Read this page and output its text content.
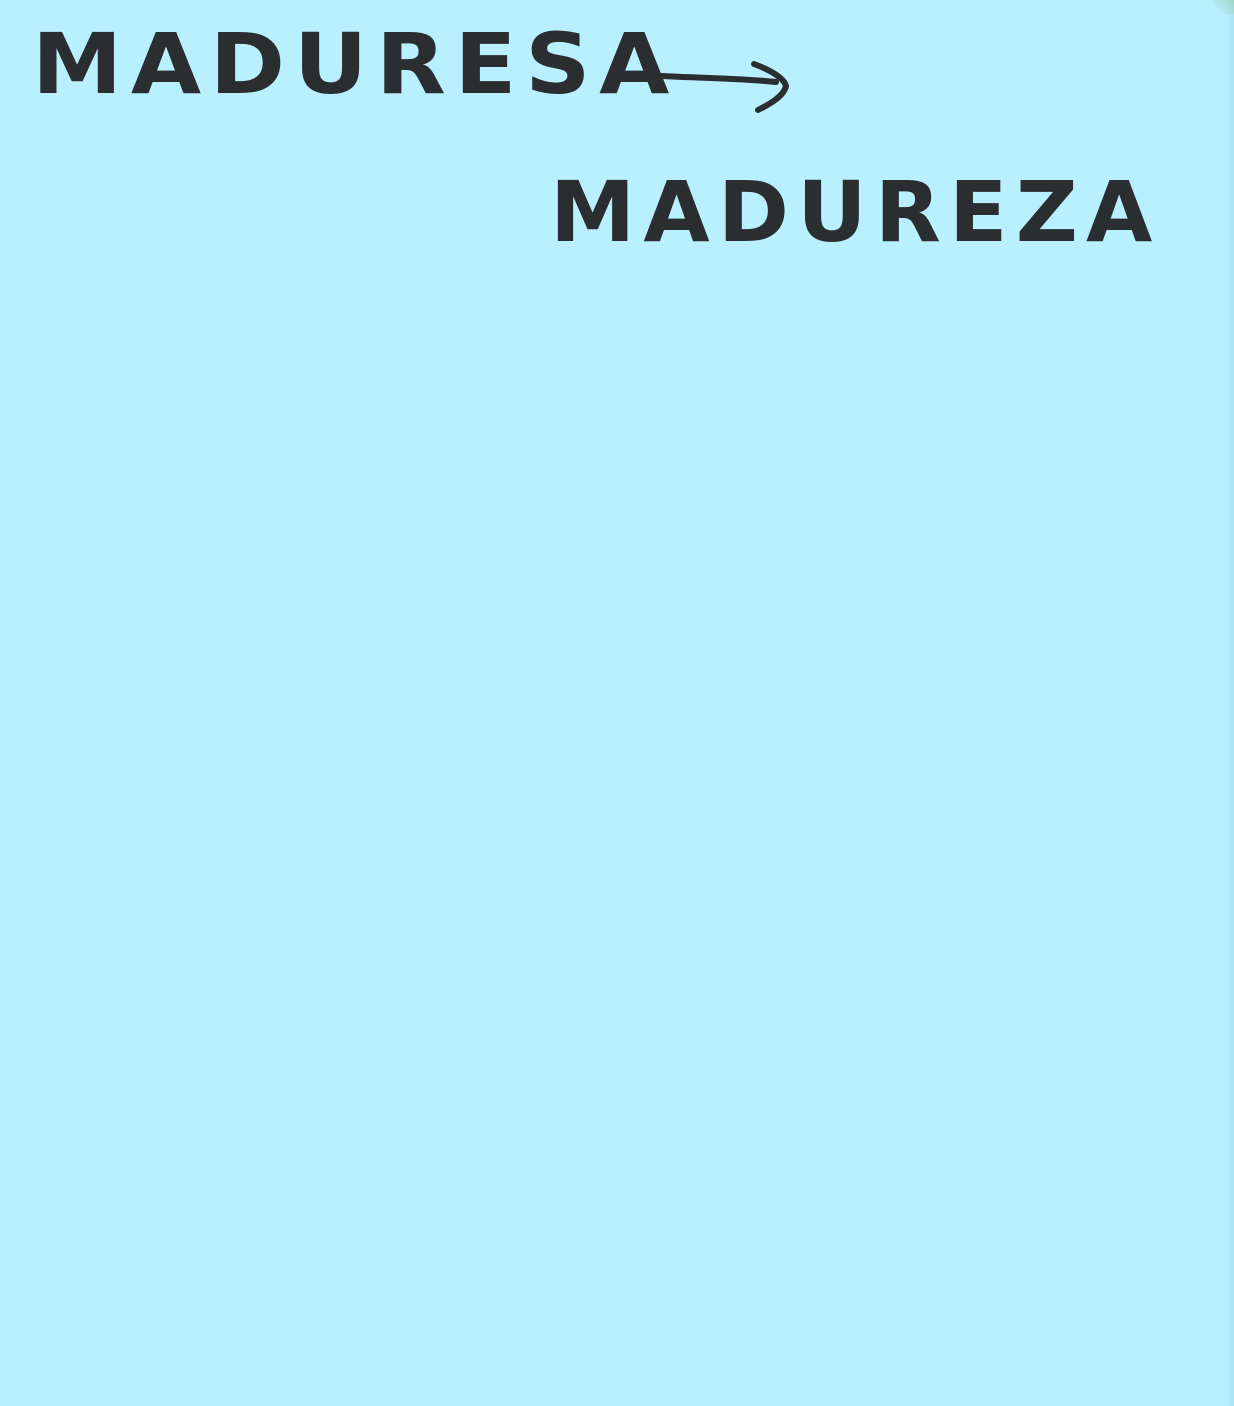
MADURESA

MADUREZA
